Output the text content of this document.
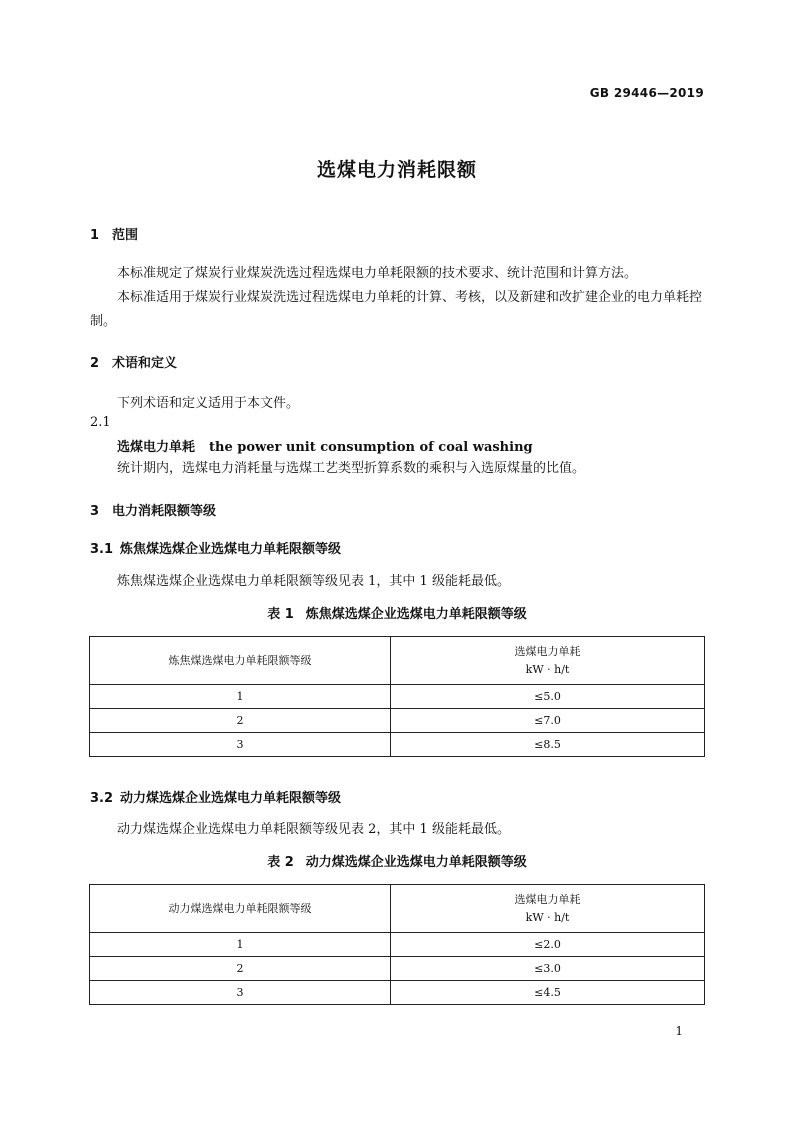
GB 29446—2019
选煤电力消耗限额
1 范围
本标准规定了煤炭行业煤炭洗选过程选煤电力单耗限额的技术要求、统计范围和计算方法。
本标准适用于煤炭行业煤炭洗选过程选煤电力单耗的计算、考核，以及新建和改扩建企业的电力单耗控制。
2 术语和定义
下列术语和定义适用于本文件。
2.1
选煤电力单耗 the power unit consumption of coal washing
统计期内，选煤电力消耗量与选煤工艺类型折算系数的乘积与入选原煤量的比值。
3 电力消耗限额等级
3.1 炼焦煤选煤企业选煤电力单耗限额等级
炼焦煤选煤企业选煤电力单耗限额等级见表 1，其中 1 级能耗最低。
表 1 炼焦煤选煤企业选煤电力单耗限额等级
炼焦煤选煤电力单耗限额等级	选煤电力单耗
kW · h/t

1	≤5.0
2	≤7.0
3	≤8.5
3.2 动力煤选煤企业选煤电力单耗限额等级
动力煤选煤企业选煤电力单耗限额等级见表 2，其中 1 级能耗最低。
表 2 动力煤选煤企业选煤电力单耗限额等级
动力煤选煤电力单耗限额等级	选煤电力单耗
kW · h/t

1	≤2.0
2	≤3.0
3	≤4.5
1
